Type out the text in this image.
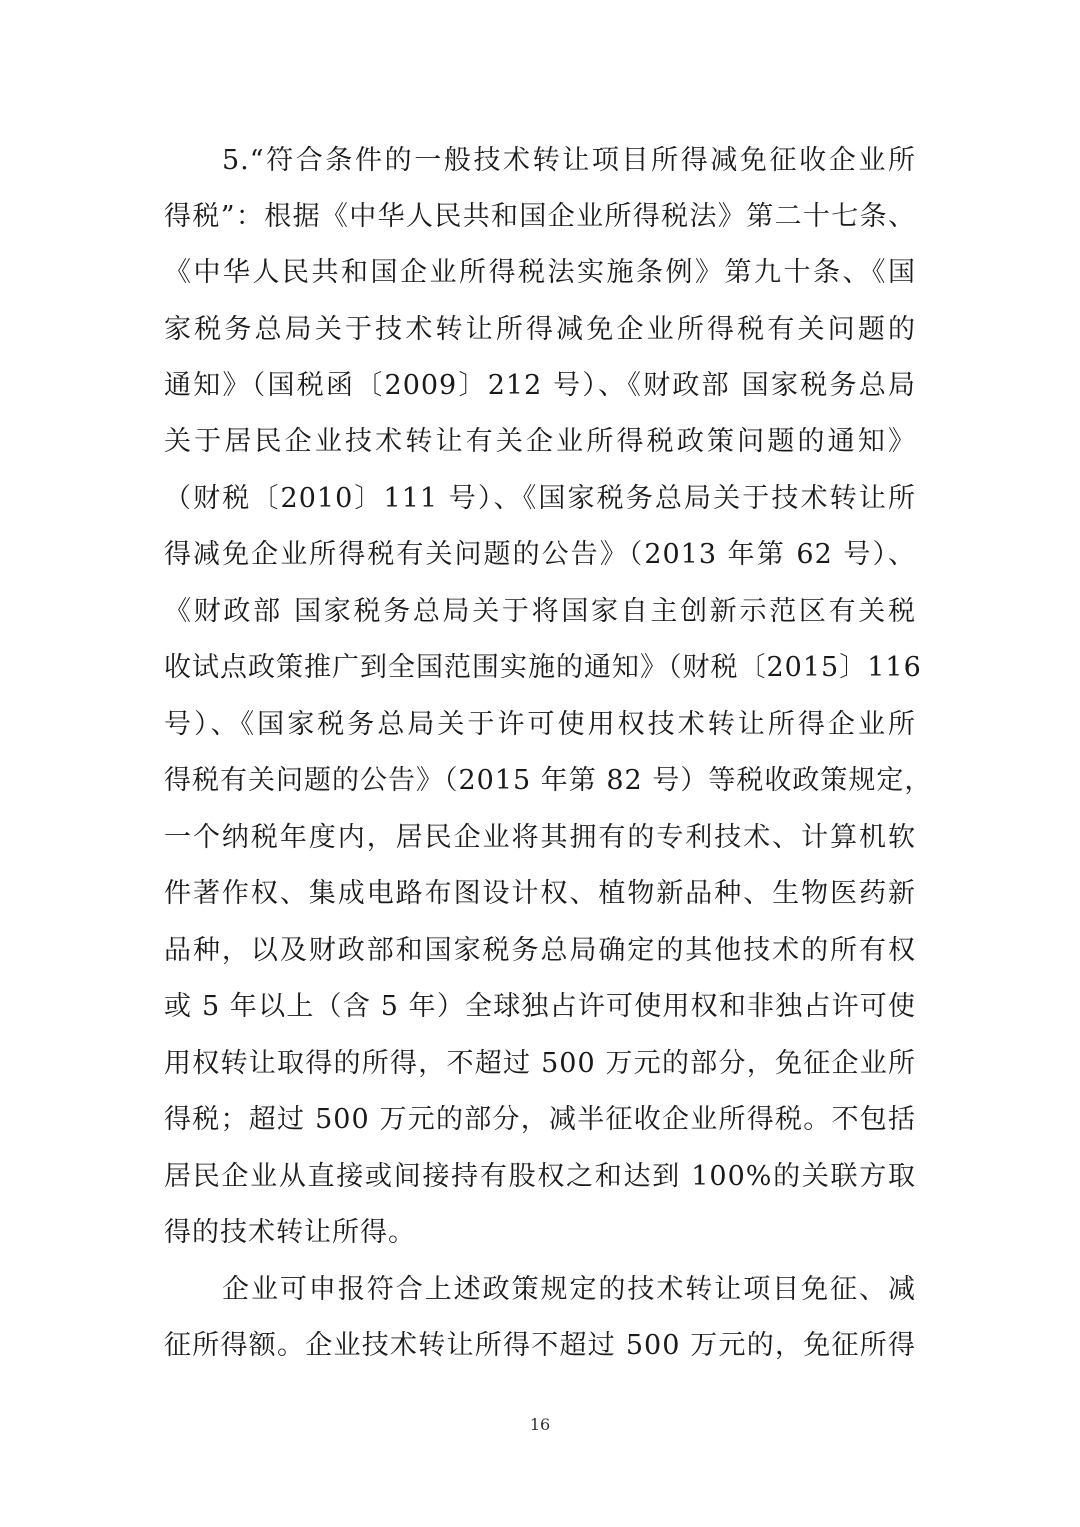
5.“符合条件的一般技术转让项目所得减免征收企业所
得税”：根据《中华人民共和国企业所得税法》第二十七条、
《中华人民共和国企业所得税法实施条例》第九十条、《国
家税务总局关于技术转让所得减免企业所得税有关问题的
通知》（国税函〔2009〕212 号）、《财政部 国家税务总局
关于居民企业技术转让有关企业所得税政策问题的通知》
（财税〔2010〕111 号）、《国家税务总局关于技术转让所
得减免企业所得税有关问题的公告》（2013 年第 62 号）、
《财政部 国家税务总局关于将国家自主创新示范区有关税
收试点政策推广到全国范围实施的通知》（财税〔2015〕116
号）、《国家税务总局关于许可使用权技术转让所得企业所
得税有关问题的公告》（2015 年第 82 号）等税收政策规定，
一个纳税年度内，居民企业将其拥有的专利技术、计算机软
件著作权、集成电路布图设计权、植物新品种、生物医药新
品种，以及财政部和国家税务总局确定的其他技术的所有权
或 5 年以上（含 5 年）全球独占许可使用权和非独占许可使
用权转让取得的所得，不超过 500 万元的部分，免征企业所
得税；超过 500 万元的部分，减半征收企业所得税。不包括
居民企业从直接或间接持有股权之和达到 100%的关联方取
得的技术转让所得。
企业可申报符合上述政策规定的技术转让项目免征、减
征所得额。企业技术转让所得不超过 500 万元的，免征所得
16
